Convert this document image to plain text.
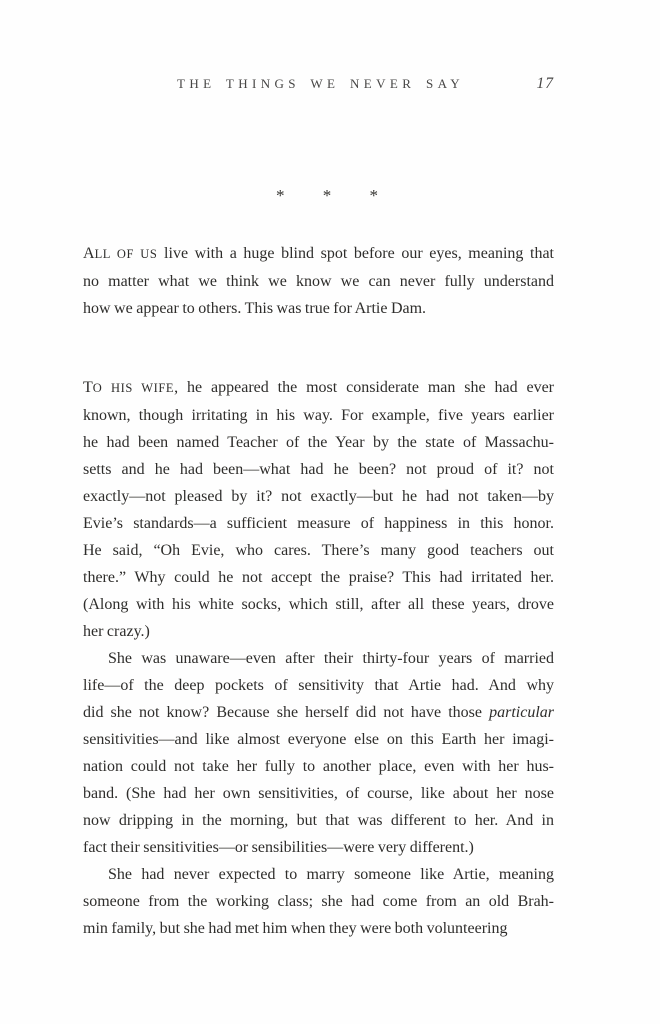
THE THINGS WE NEVER SAY	17
* * *
ALL OF US live with a huge blind spot before our eyes, meaning that
no matter what we think we know we can never fully understand
how we appear to others. This was true for Artie Dam.
TO HIS WIFE, he appeared the most considerate man she had ever
known, though irritating in his way. For example, five years earlier
he had been named Teacher of the Year by the state of Massachu-
setts and he had been—what had he been? not proud of it? not
exactly—not pleased by it? not exactly—but he had not taken—by
Evie’s standards—a sufficient measure of happiness in this honor.
He said, “Oh Evie, who cares. There’s many good teachers out
there.” Why could he not accept the praise? This had irritated her.
(Along with his white socks, which still, after all these years, drove
her crazy.)
She was unaware—even after their thirty-four years of married
life—of the deep pockets of sensitivity that Artie had. And why
did she not know? Because she herself did not have those particular
sensitivities—and like almost everyone else on this Earth her imagi-
nation could not take her fully to another place, even with her hus-
band. (She had her own sensitivities, of course, like about her nose
now dripping in the morning, but that was different to her. And in
fact their sensitivities—or sensibilities—were very different.)
She had never expected to marry someone like Artie, meaning
someone from the working class; she had come from an old Brah-
min family, but she had met him when they were both volunteering
